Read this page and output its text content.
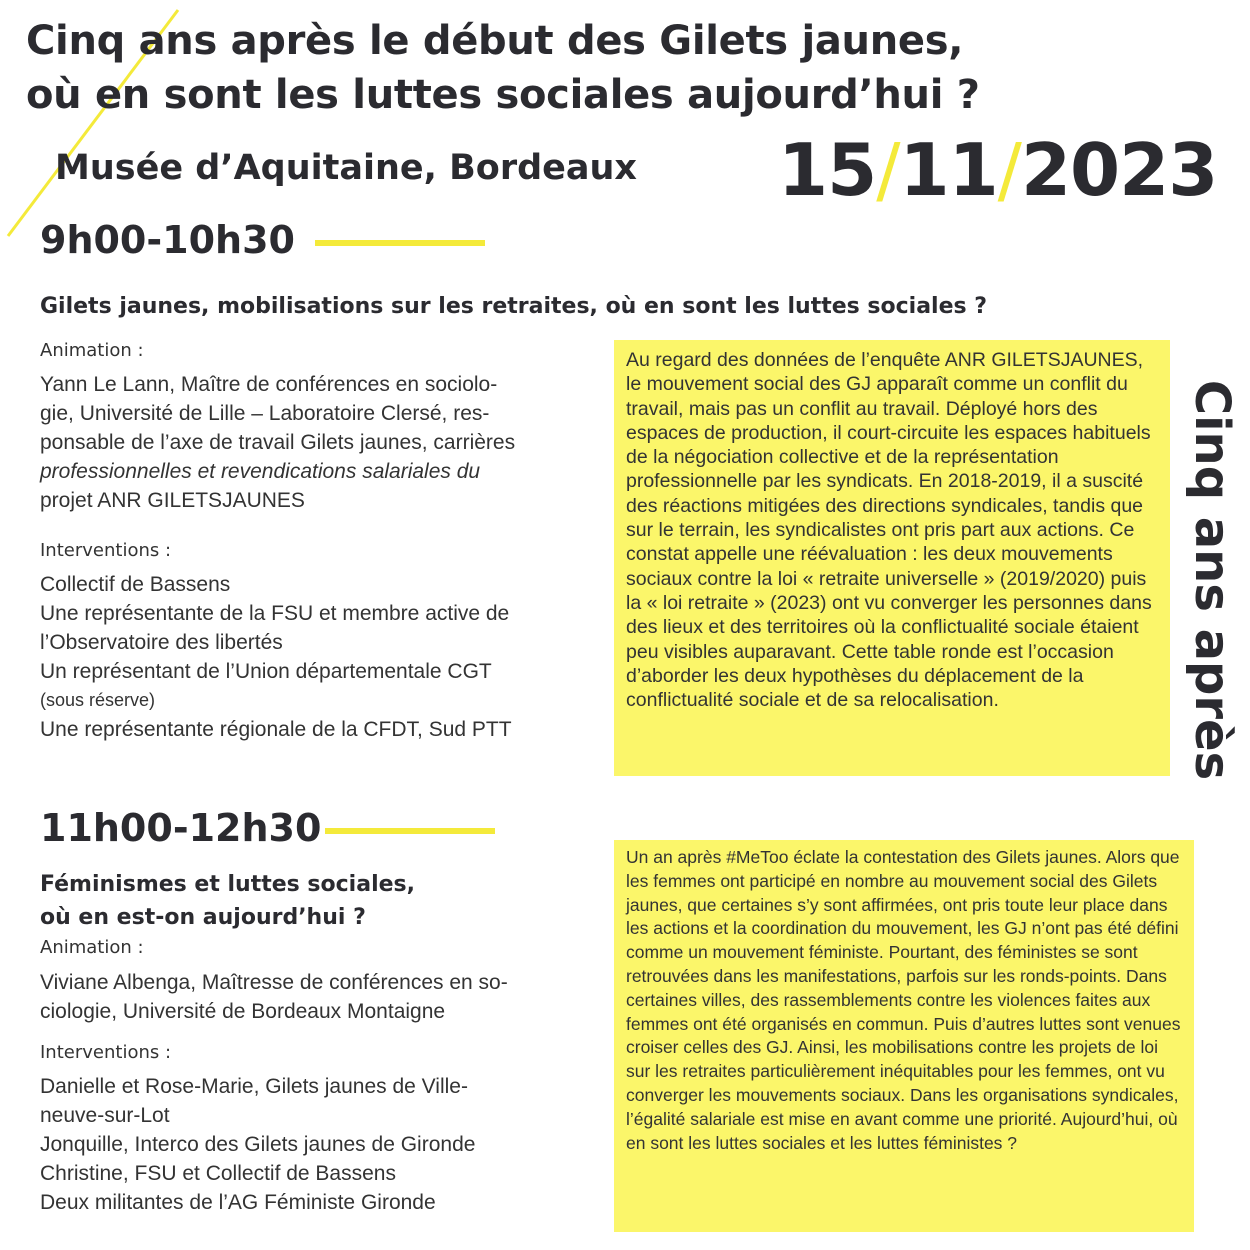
Cinq ans après le début des Gilets jaunes,
où en sont les luttes sociales aujourd’hui ?
Musée d’Aquitaine, Bordeaux 15/11/2023
9h00-10h30
Gilets jaunes, mobilisations sur les retraites, où en sont les luttes sociales ?
Animation :
Yann Le Lann, Maître de conférences en sociolo-
gie, Université de Lille – Laboratoire Clersé, res-
ponsable de l’axe de travail Gilets jaunes, carrières
professionnelles et revendications salariales du
projet ANR GILETSJAUNES
Interventions :
Collectif de Bassens
Une représentante de la FSU et membre active de
l’Observatoire des libertés
Un représentant de l’Union départementale CGT
(sous réserve)
Une représentante régionale de la CFDT, Sud PTT

Au regard des données de l’enquête ANR GILETSJAUNES, le mouvement social des GJ apparaît comme un conflit du travail, mais pas un conflit au travail. Déployé hors des espaces de production, il court-circuite les espaces habituels de la négociation collective et de la représentation professionnelle par les syndicats. En 2018-2019, il a suscité des réactions mitigées des directions syndicales, tandis que sur le terrain, les syndicalistes ont pris part aux actions. Ce constat appelle une réévaluation : les deux mouvements sociaux contre la loi « retraite universelle » (2019/2020) puis la « loi retraite » (2023) ont vu converger les personnes dans des lieux et des territoires où la conflictualité sociale étaient peu visibles auparavant. Cette table ronde est l’occasion d’aborder les deux hypothèses du déplacement de la conflictualité sociale et de sa relocalisation.	Cinq ans après
11h00-12h30
Féminismes et luttes sociales,
où en est-on aujourd’hui ?
Animation :
Viviane Albenga, Maîtresse de conférences en so-
ciologie, Université de Bordeaux Montaigne
Interventions :
Danielle et Rose-Marie, Gilets jaunes de Ville-
neuve-sur-Lot
Jonquille, Interco des Gilets jaunes de Gironde
Christine, FSU et Collectif de Bassens
Deux militantes de l’AG Féministe Gironde

Un an après #MeToo éclate la contestation des Gilets jaunes. Alors que les femmes ont participé en nombre au mouvement social des Gilets jaunes, que certaines s’y sont affirmées, ont pris toute leur place dans les actions et la coordination du mouvement, les GJ n’ont pas été défini comme un mouvement féministe. Pourtant, des féministes se sont retrouvées dans les manifestations, parfois sur les ronds-points. Dans certaines villes, des rassemblements contre les violences faites aux femmes ont été organisés en commun. Puis d’autres luttes sont venues croiser celles des GJ. Ainsi, les mobilisations contre les projets de loi sur les retraites particulièrement inéquitables pour les femmes, ont vu converger les mouvements sociaux. Dans les organisations syndicales, l’égalité salariale est mise en avant comme une priorité. Aujourd’hui, où en sont les luttes sociales et les luttes féministes ?
